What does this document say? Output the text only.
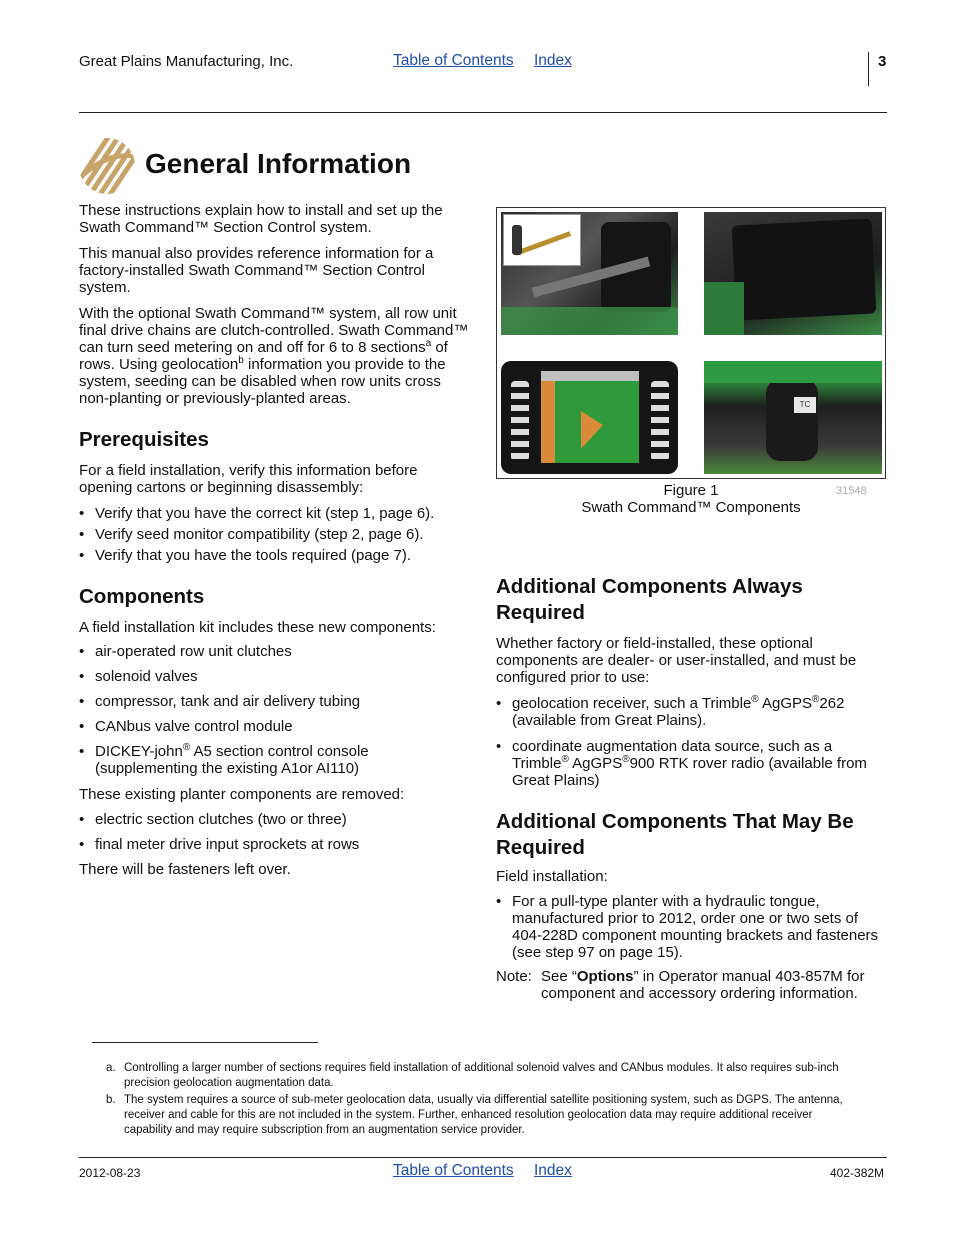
Great Plains Manufacturing, Inc.	Table of Contents Index	3
General Information

These instructions explain how to install and set up the Swath Command™ Section Control system.

This manual also provides reference information for a factory-installed Swath Command™ Section Control system.

With the optional Swath Command™ system, all row unit final drive chains are clutch-controlled. Swath Command™ can turn seed metering on and off for 6 to 8 sections$^a$ of rows. Using geolocation$^b$ information you provide to the system, seeding can be disabled when row units cross non-planting or previously-planted areas.

Prerequisites

For a field installation, verify this information before opening cartons or beginning disassembly:

• Verify that you have the correct kit (step 1, page 6).
• Verify seed monitor compatibility (step 2, page 6).
• Verify that you have the tools required (page 7).
Components

A field installation kit includes these new components:

• air-operated row unit clutches
• solenoid valves
• compressor, tank and air delivery tubing
• CANbus valve control module
• DICKEY-john® A5 section control console (supplementing the existing A1or AI110)

These existing planter components are removed:

• electric section clutches (two or three)
• final meter drive input sprockets at rows

There will be fasteners left over.

TC
Figure 1
Swath Command™ Components
31548
Additional Components Always Required

Whether factory or field-installed, these optional components are dealer- or user-installed, and must be configured prior to use:

• geolocation receiver, such a Trimble® AgGPS®262 (available from Great Plains).
• coordinate augmentation data source, such as a Trimble® AgGPS®900 RTK rover radio (available from Great Plains)
Additional Components That May Be Required

Field installation:

• For a pull-type planter with a hydraulic tongue, manufactured prior to 2012, order one or two sets of 404-228D component mounting brackets and fasteners (see step 97 on page 15).
Note: See “Options” in Operator manual 403-857M for component and accessory ordering information.
a. Controlling a larger number of sections requires field installation of additional solenoid valves and CANbus modules. It also requires sub-inch precision geolocation augmentation data.
b. The system requires a source of sub-meter geolocation data, usually via differential satellite positioning system, such as DGPS. The antenna, receiver and cable for this are not included in the system. Further, enhanced resolution geolocation data may require additional receiver capability and may require subscription from an augmentation service provider.
2012-08-23	Table of Contents Index	402-382M
